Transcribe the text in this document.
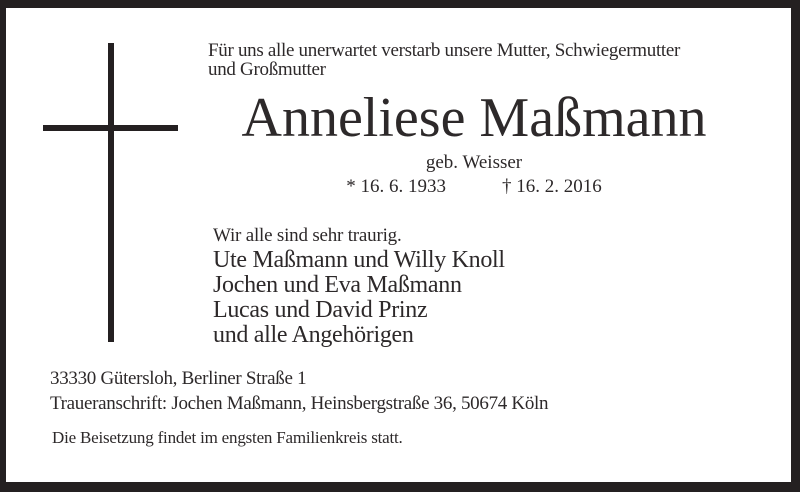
Für uns alle unerwartet verstarb unsere Mutter, Schwiegermutter
und Großmutter
Anneliese Maßmann
geb. Weisser
* 16. 6. 1933	† 16. 2. 2016
Wir alle sind sehr traurig.
Ute Maßmann und Willy Knoll
Jochen und Eva Maßmann
Lucas und David Prinz
und alle Angehörigen
33330 Gütersloh, Berliner Straße 1
Traueranschrift: Jochen Maßmann, Heinsbergstraße 36, 50674 Köln
Die Beisetzung findet im engsten Familienkreis statt.
